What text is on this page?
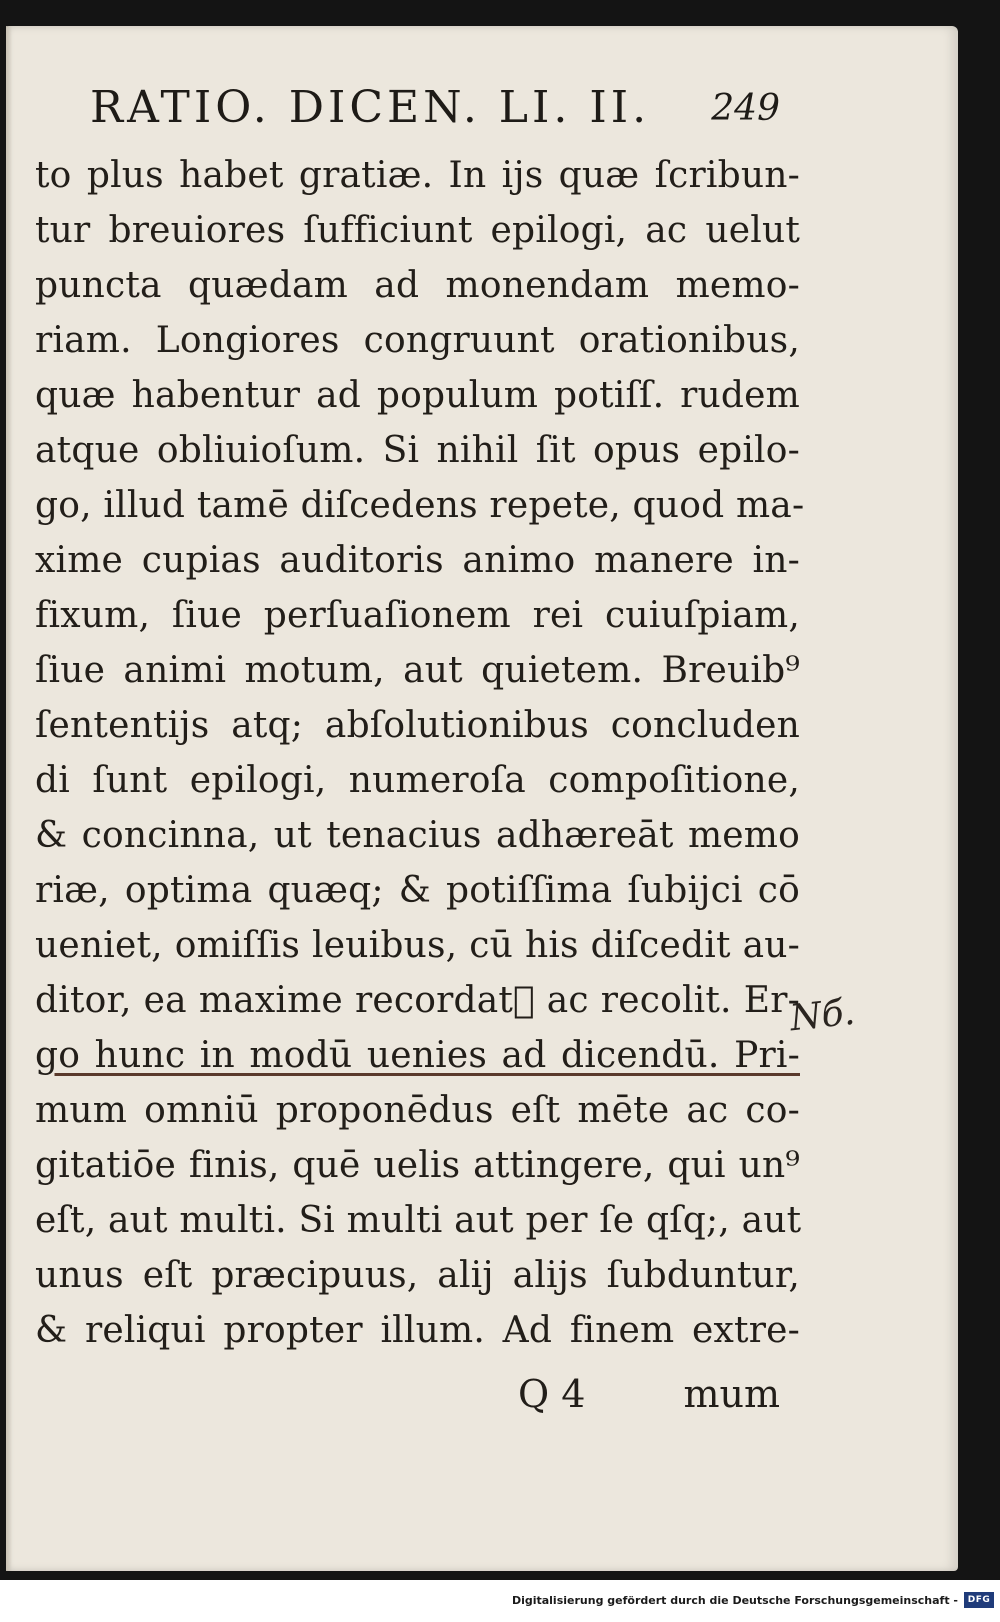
RATIO. DICEN. LI. II. 249
to plus habet gratiæ. In ijs quæ ſcribun-
tur breuiores ſufficiunt epilogi, ac uelut
puncta quædam ad monendam memo-
riam. Longiores congruunt orationibus,
quæ habentur ad populum potiſſ. rudem
atque obliuioſum. Si nihil ſit opus epilo-
go, illud tamē diſcedens repete, quod ma-
xime cupias auditoris animo manere in-
fixum, ſiue perſuaſionem rei cuiuſpiam,
ſiue animi motum, aut quietem. Breuib⁹
ſententijs atq; abſolutionibus concluden
di ſunt epilogi, numeroſa compoſitione,
& concinna, ut tenacius adhæreāt memo
riæ, optima quæq; & potiſſima ſubijci cō
ueniet, omiſſis leuibus, cū his diſcedit au-
ditor, ea maxime recordat᷑ ac recolit. Er-
go hunc in modū uenies ad dicendū. Pri-
mum omniū proponēdus eſt mēte ac co-
gitatiōe finis, quē uelis attingere, qui un⁹
eſt, aut multi. Si multi aut per ſe qſq;, aut
unus eſt præcipuus, alij alijs ſubduntur,
& reliqui propter illum. Ad finem extre-
Nб.
Q 4	mum
Digitalisierung gefördert durch die Deutsche Forschungsgemeinschaft -	DFG
